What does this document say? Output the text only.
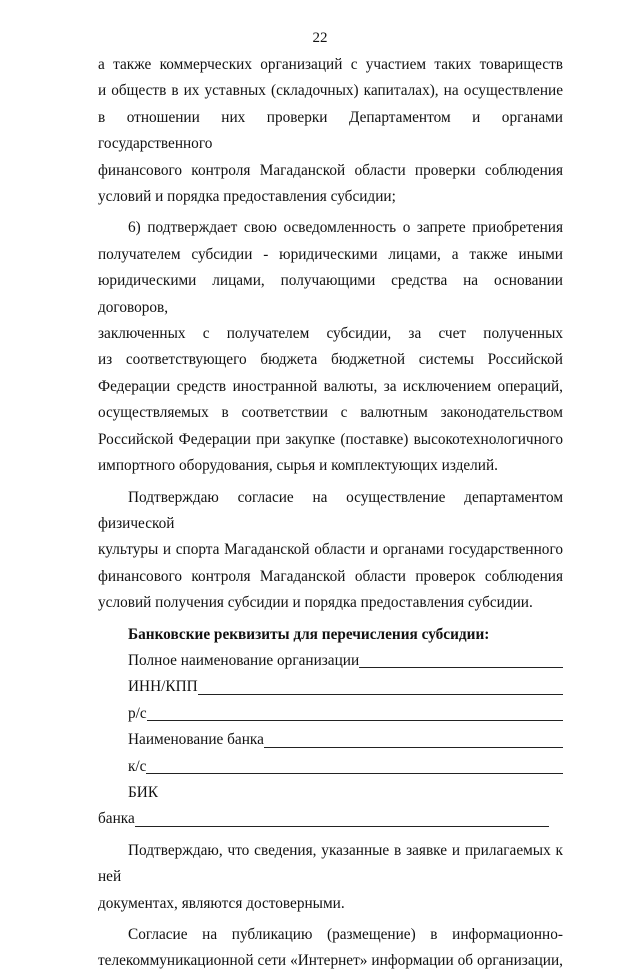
22

а также коммерческих организаций с участием таких товариществ

и обществ в их уставных (складочных) капиталах), на осуществление

в отношении них проверки Департаментом и органами государственного

финансового контроля Магаданской области проверки соблюдения

условий и порядка предоставления субсидии;

6) подтверждает свою осведомленность о запрете приобретения

получателем субсидии - юридическими лицами, а также иными

юридическими лицами, получающими средства на основании договоров,

заключенных с получателем субсидии, за счет полученных

из соответствующего бюджета бюджетной системы Российской

Федерации средств иностранной валюты, за исключением операций,

осуществляемых в соответствии с валютным законодательством

Российской Федерации при закупке (поставке) высокотехнологичного

импортного оборудования, сырья и комплектующих изделий.

Подтверждаю согласие на осуществление департаментом физической

культуры и спорта Магаданской области и органами государственного

финансового контроля Магаданской области проверок соблюдения

условий получения субсидии и порядка предоставления субсидии.

Банковские реквизиты для перечисления субсидии:

Полное наименование организации
ИНН/КПП
р/с
Наименование банка
к/с

БИК

банка

Подтверждаю, что сведения, указанные в заявке и прилагаемых к ней

документах, являются достоверными.

Согласие на публикацию (размещение) в информационно-

телекоммуникационной сети «Интернет» информации об организации,
